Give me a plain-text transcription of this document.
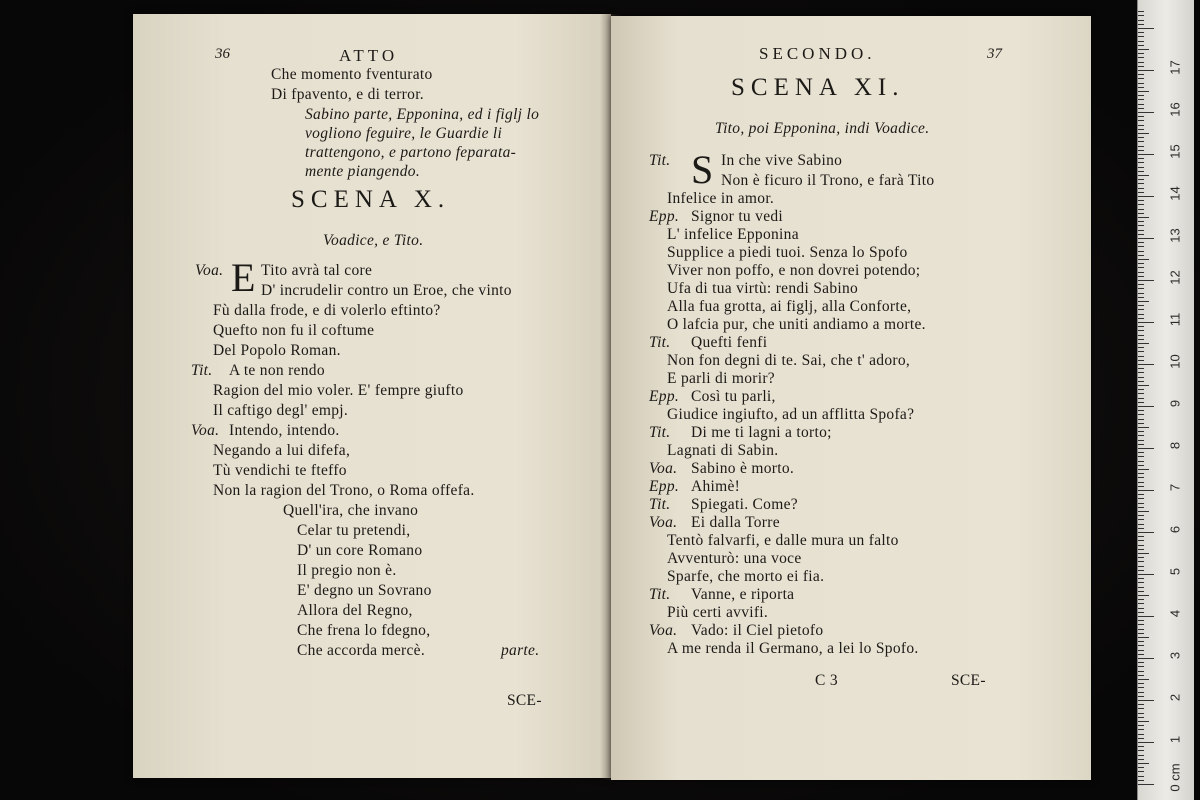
36	ATTO
Che momento fventurato
Di fpavento, e di terror.
Sabino parte, Epponina, ed i figlj lo
vogliono feguire, le Guardie li
trattengono, e partono feparata-
mente piangendo.
SCENA X.
Voadice, e Tito.
Voa. E Tito avrà tal core
D' incrudelir contro un Eroe, che vinto
Fù dalla frode, e di volerlo eftinto?
Quefto non fu il coftume
Del Popolo Roman.
Tit. A te non rendo
Ragion del mio voler. E' fempre giufto
Il caftigo degl' empj.
Voa. Intendo, intendo.
Negando a lui difefa,
Tù vendichi te fteffo
Non la ragion del Trono, o Roma offefa.
Quell'ira, che invano
Celar tu pretendi,
D' un core Romano
Il pregio non è.
E' degno un Sovrano
Allora del Regno,
Che frena lo fdegno,
Che accorda mercè.	parte.
SCE-
SECONDO.	37
SCENA XI.
Tito, poi Epponina, indi Voadice.
Tit. S In che vive Sabino
Non è ficuro il Trono, e farà Tito
Infelice in amor.
Epp. Signor tu vedi
L' infelice Epponina
Supplice a piedi tuoi. Senza lo Spofo
Viver non poffo, e non dovrei potendo;
Ufa di tua virtù: rendi Sabino
Alla fua grotta, ai figlj, alla Conforte,
O lafcia pur, che uniti andiamo a morte.
Tit. Quefti fenfi
Non fon degni di te. Sai, che t' adoro,
E parli di morir?
Epp. Così tu parli,
Giudice ingiufto, ad un afflitta Spofa?
Tit. Di me ti lagni a torto;
Lagnati di Sabin.
Voa. Sabino è morto.
Epp. Ahimè!
Tit. Spiegati. Come?
Voa. Ei dalla Torre
Tentò falvarfi, e dalle mura un falto
Avventurò: una voce
Sparfe, che morto ei fia.
Tit. Vanne, e riporta
Più certi avvifi.
Voa. Vado: il Ciel pietofo
A me renda il Germano, a lei lo Spofo.
C 3	SCE-
0 cm
1
2
3
4
5
6
7
8
9
10
11
12
13
14
15
16
17
